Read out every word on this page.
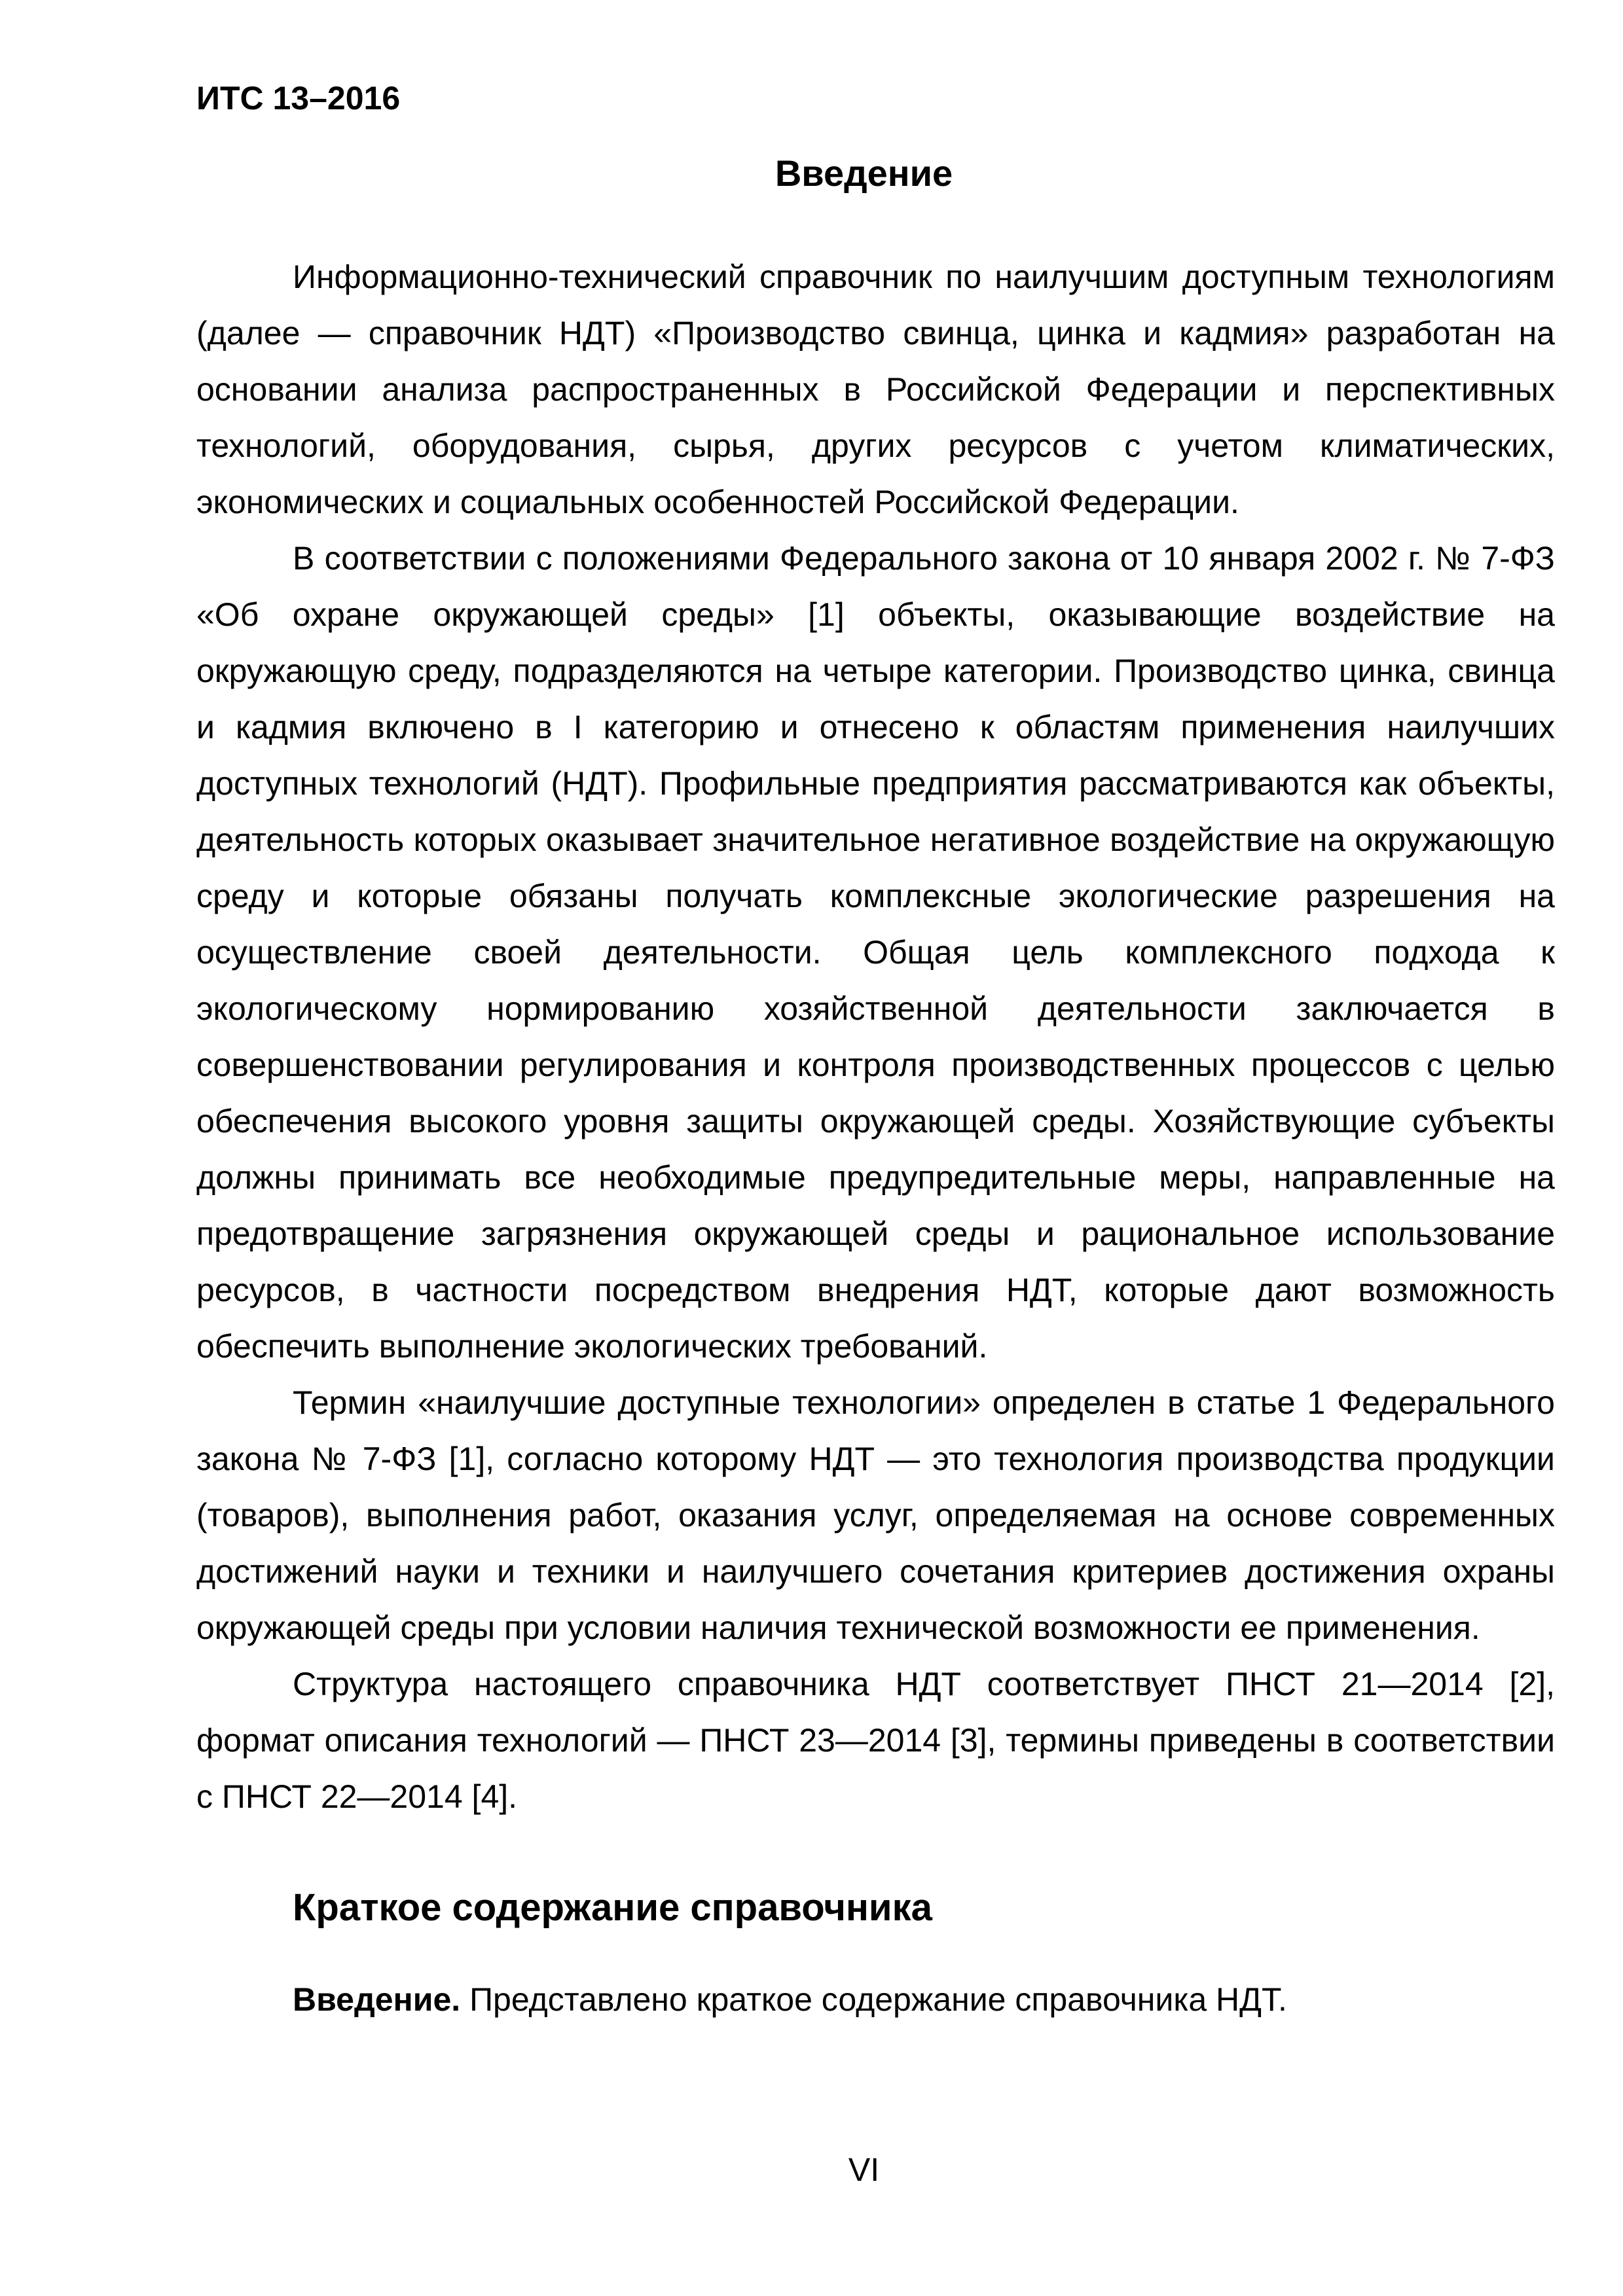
ИТС 13–2016
Введение

Информационно-технический справочник по наилучшим доступным технологиям (далее — справочник НДТ) «Производство свинца, цинка и кадмия» разработан на основании анализа распространенных в Российской Федерации и перспективных технологий, оборудования, сырья, других ресурсов с учетом климатических, экономических и социальных особенностей Российской Федерации.

В соответствии с положениями Федерального закона от 10 января 2002 г. № 7-ФЗ «Об охране окружающей среды» [1] объекты, оказывающие воздействие на окружающую среду, подразделяются на четыре категории. Производство цинка, свинца и кадмия включено в I категорию и отнесено к областям применения наилучших доступных технологий (НДТ). Профильные предприятия рассматриваются как объекты, деятельность которых оказывает значительное негативное воздействие на окружающую среду и которые обязаны получать комплексные экологические разрешения на осуществление своей деятельности. Общая цель комплексного подхода к экологическому нормированию хозяйственной деятельности заключается в совершенствовании регулирования и контроля производственных процессов с целью обеспечения высокого уровня защиты окружающей среды. Хозяйствующие субъекты должны принимать все необходимые предупредительные меры, направленные на предотвращение загрязнения окружающей среды и рациональное использование ресурсов, в частности посредством внедрения НДТ, которые дают возможность обеспечить выполнение экологических требований.

Термин «наилучшие доступные технологии» определен в статье 1 Федерального закона № 7-ФЗ [1], согласно которому НДТ — это технология производства продукции (товаров), выполнения работ, оказания услуг, определяемая на основе современных достижений науки и техники и наилучшего сочетания критериев достижения охраны окружающей среды при условии наличия технической возможности ее применения.

Структура настоящего справочника НДТ соответствует ПНСТ 21—2014 [2], формат описания технологий — ПНСТ 23—2014 [3], термины приведены в соответствии с ПНСТ 22—2014 [4].

Краткое содержание справочника

Введение. Представлено краткое содержание справочника НДТ.

VI
